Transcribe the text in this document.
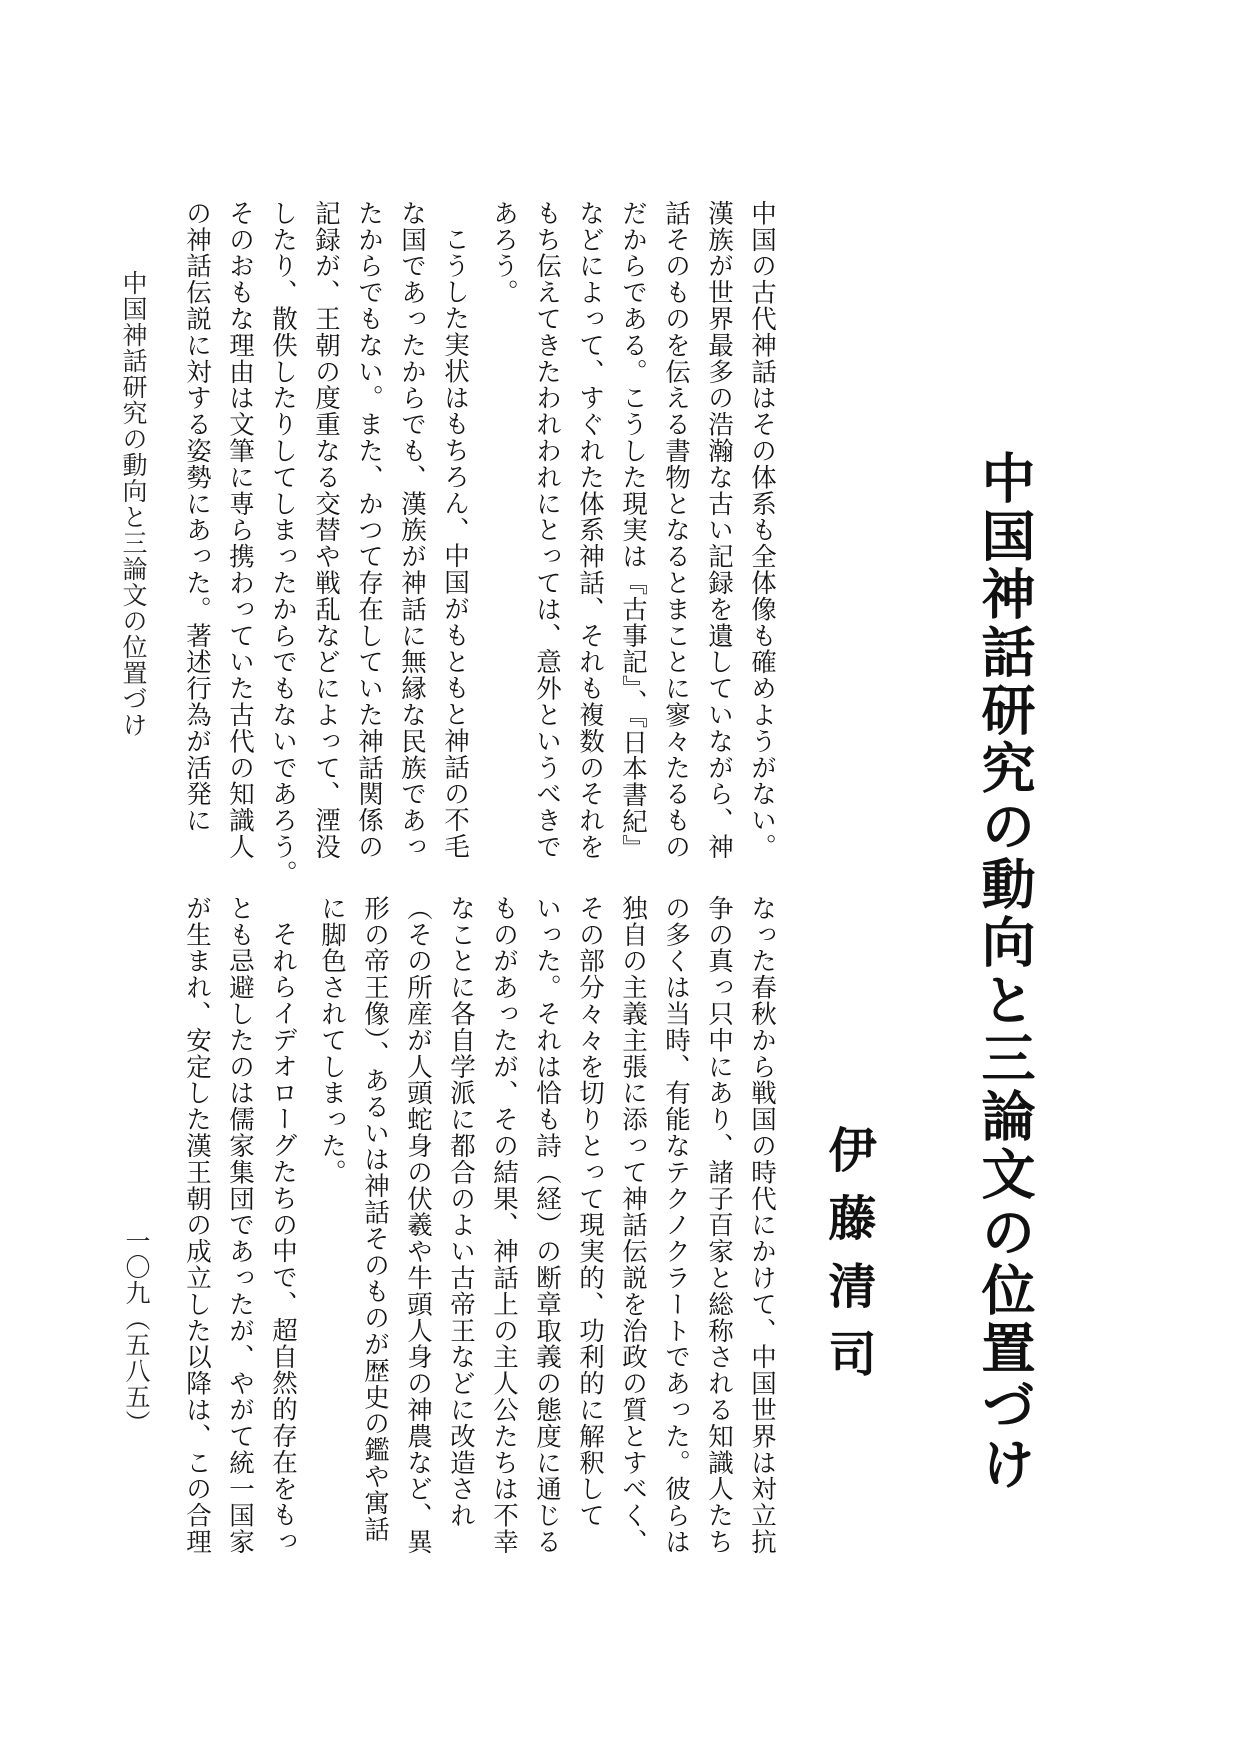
中国神話研究の動向と三論文の位置づけ
伊藤清司
中国の古代神話はその体系も全体像も確めようがない。
漢族が世界最多の浩瀚な古い記録を遺していながら、神
話そのものを伝える書物となるとまことに寥々たるもの
だからである。こうした現実は『古事記』、『日本書紀』
などによって、すぐれた体系神話、それも複数のそれを
もち伝えてきたわれわれにとっては、意外というべきで
あろう。
こうした実状はもちろん、中国がもともと神話の不毛
な国であったからでも、漢族が神話に無縁な民族であっ
たからでもない。また、かつて存在していた神話関係の
記録が、王朝の度重なる交替や戦乱などによって、湮没
したり、散佚したりしてしまったからでもないであろう。
そのおもな理由は文筆に専ら携わっていた古代の知識人
の神話伝説に対する姿勢にあった。著述行為が活発に
なった春秋から戦国の時代にかけて、中国世界は対立抗
争の真っ只中にあり、諸子百家と総称される知識人たち
の多くは当時、有能なテクノクラートであった。彼らは
独自の主義主張に添って神話伝説を治政の質とすべく、
その部分々々を切りとって現実的、功利的に解釈して
いった。それは恰も詩（経）の断章取義の態度に通じる
ものがあったが、その結果、神話上の主人公たちは不幸
なことに各自学派に都合のよい古帝王などに改造され
（その所産が人頭蛇身の伏羲や牛頭人身の神農など、異
形の帝王像）、あるいは神話そのものが歴史の鑑や寓話
に脚色されてしまった。
それらイデオローグたちの中で、超自然的存在をもっ
とも忌避したのは儒家集団であったが、やがて統一国家
が生まれ、安定した漢王朝の成立した以降は、この合理
中国神話研究の動向と三論文の位置づけ
一〇九（五八五）
